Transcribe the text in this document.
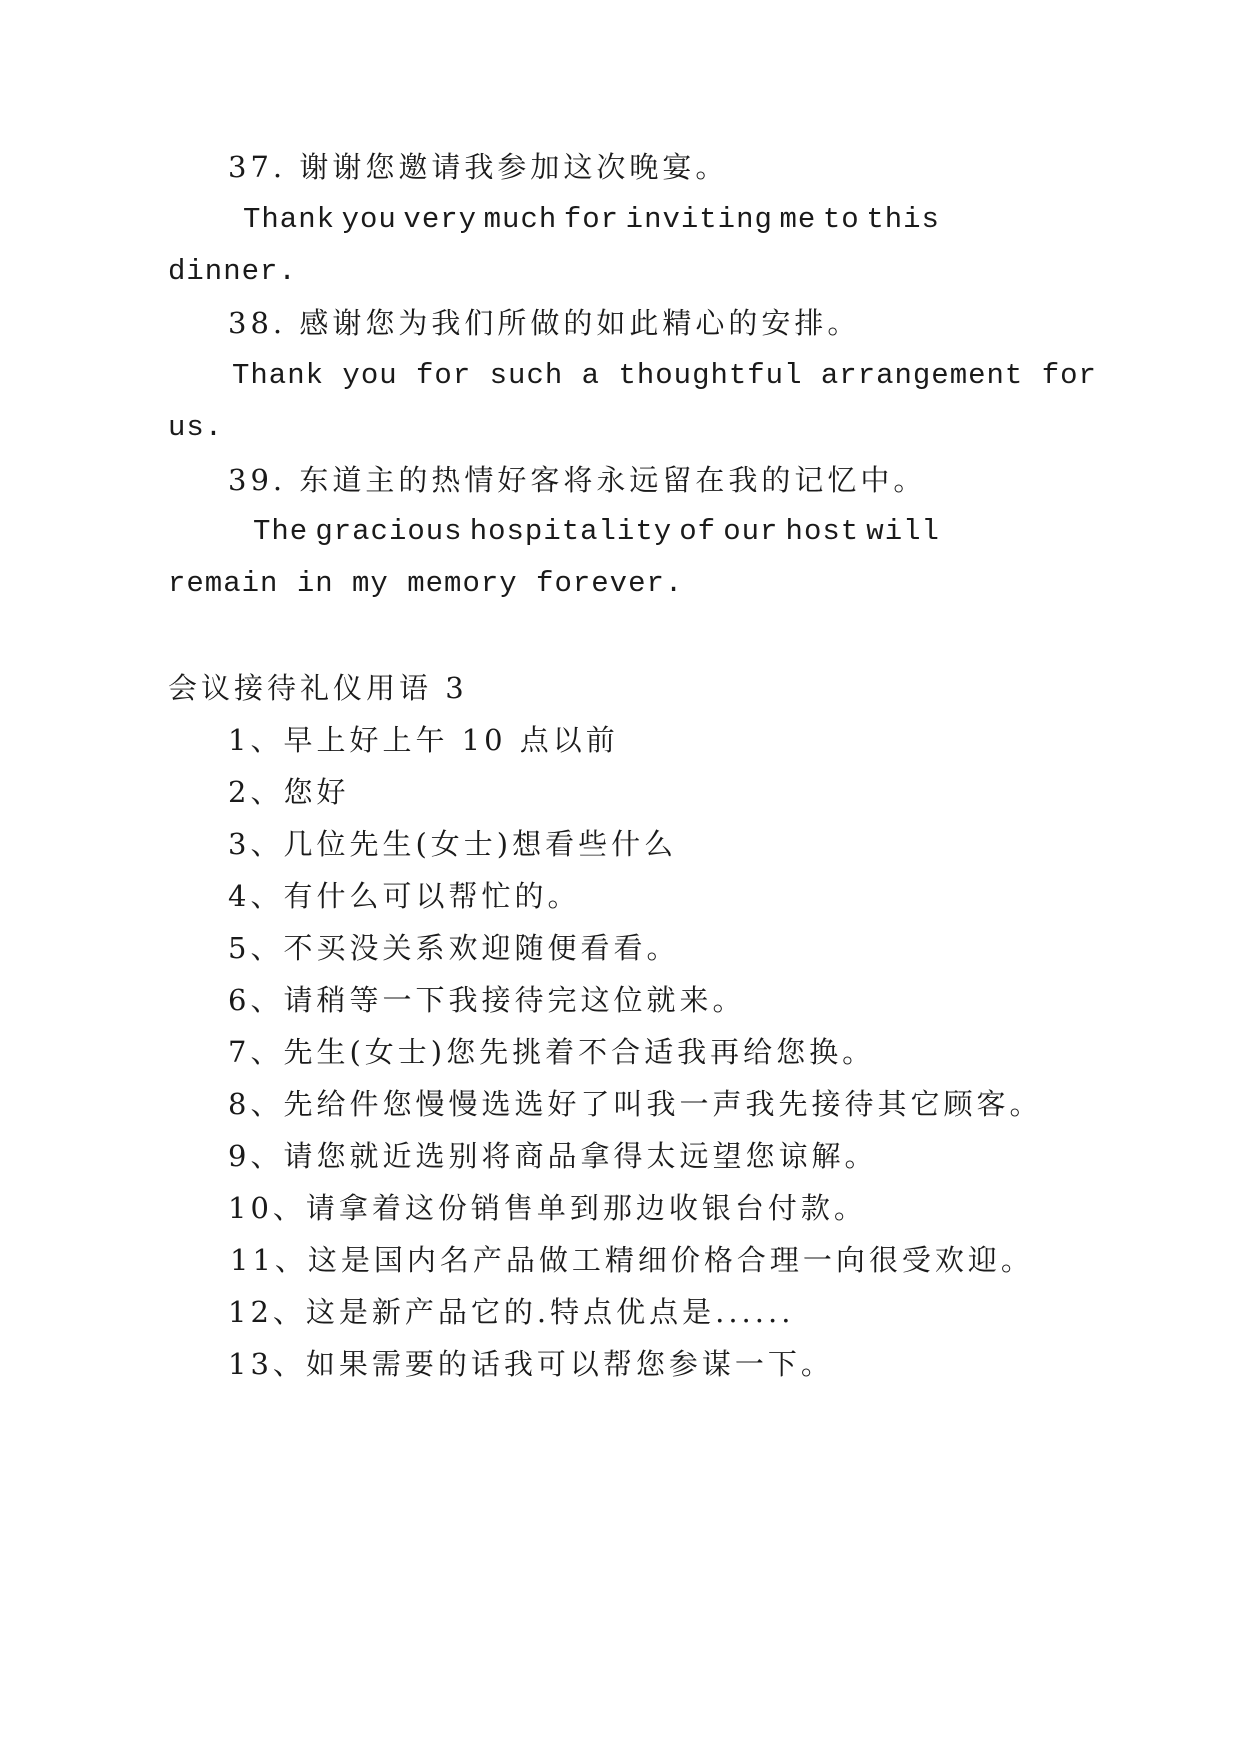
37. 谢谢您邀请我参加这次晚宴。
Thank you very much for inviting me to this
dinner.
38. 感谢您为我们所做的如此精心的安排。
Thank you for such a thoughtful arrangement for
us.
39. 东道主的热情好客将永远留在我的记忆中。
The gracious hospitality of our host will
remain in my memory forever.
会议接待礼仪用语 3
1、早上好上午 10 点以前
2、您好
3、几位先生(女士)想看些什么
4、有什么可以帮忙的。
5、不买没关系欢迎随便看看。
6、请稍等一下我接待完这位就来。
7、先生(女士)您先挑着不合适我再给您换。
8、先给件您慢慢选选好了叫我一声我先接待其它顾客。
9、请您就近选别将商品拿得太远望您谅解。
10、请拿着这份销售单到那边收银台付款。
11、这是国内名产品做工精细价格合理一向很受欢迎。
12、这是新产品它的.特点优点是......
13、如果需要的话我可以帮您参谋一下。
